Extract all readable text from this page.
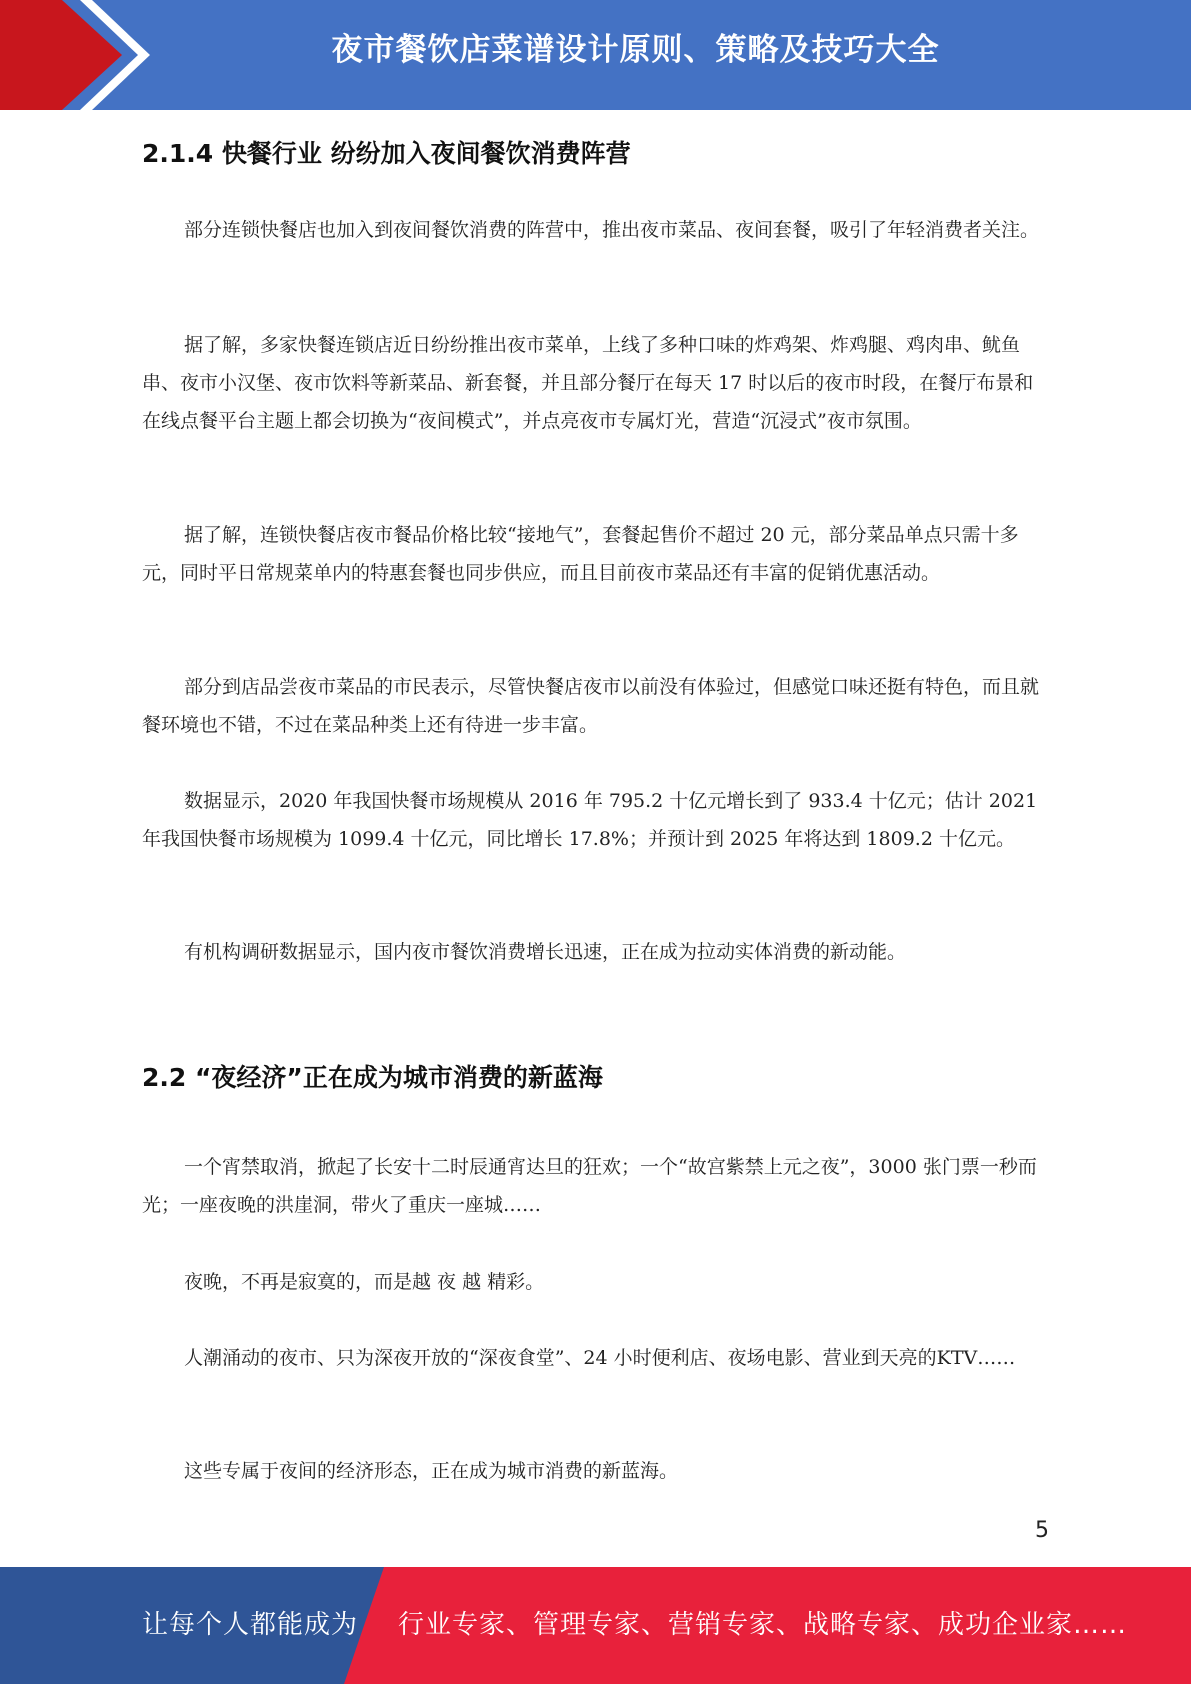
夜市餐饮店菜谱设计原则、策略及技巧大全
2.1.4 快餐行业 纷纷加入夜间餐饮消费阵营

部分连锁快餐店也加入到夜间餐饮消费的阵营中，推出夜市菜品、夜间套餐，吸引了年轻消费者关注。

据了解，多家快餐连锁店近日纷纷推出夜市菜单，上线了多种口味的炸鸡架、炸鸡腿、鸡肉串、鱿鱼串、夜市小汉堡、夜市饮料等新菜品、新套餐，并且部分餐厅在每天 17 时以后的夜市时段，在餐厅布景和在线点餐平台主题上都会切换为“夜间模式”，并点亮夜市专属灯光，营造“沉浸式”夜市氛围。

据了解，连锁快餐店夜市餐品价格比较“接地气”，套餐起售价不超过 20 元，部分菜品单点只需十多元，同时平日常规菜单内的特惠套餐也同步供应，而且目前夜市菜品还有丰富的促销优惠活动。

部分到店品尝夜市菜品的市民表示，尽管快餐店夜市以前没有体验过，但感觉口味还挺有特色，而且就餐环境也不错，不过在菜品种类上还有待进一步丰富。

数据显示，2020 年我国快餐市场规模从 2016 年 795.2 十亿元增长到了 933.4 十亿元；估计 2021 年我国快餐市场规模为 1099.4 十亿元，同比增长 17.8%；并预计到 2025 年将达到 1809.2 十亿元。

有机构调研数据显示，国内夜市餐饮消费增长迅速，正在成为拉动实体消费的新动能。

2.2 “夜经济”正在成为城市消费的新蓝海

一个宵禁取消，掀起了长安十二时辰通宵达旦的狂欢；一个“故宫紫禁上元之夜”，3000 张门票一秒而光；一座夜晚的洪崖洞，带火了重庆一座城……

夜晚，不再是寂寞的，而是越 夜 越 精彩。

人潮涌动的夜市、只为深夜开放的“深夜食堂”、24 小时便利店、夜场电影、营业到天亮的KTV……

这些专属于夜间的经济形态，正在成为城市消费的新蓝海。

5
让每个人都能成为 行业专家、管理专家、营销专家、战略专家、成功企业家……
